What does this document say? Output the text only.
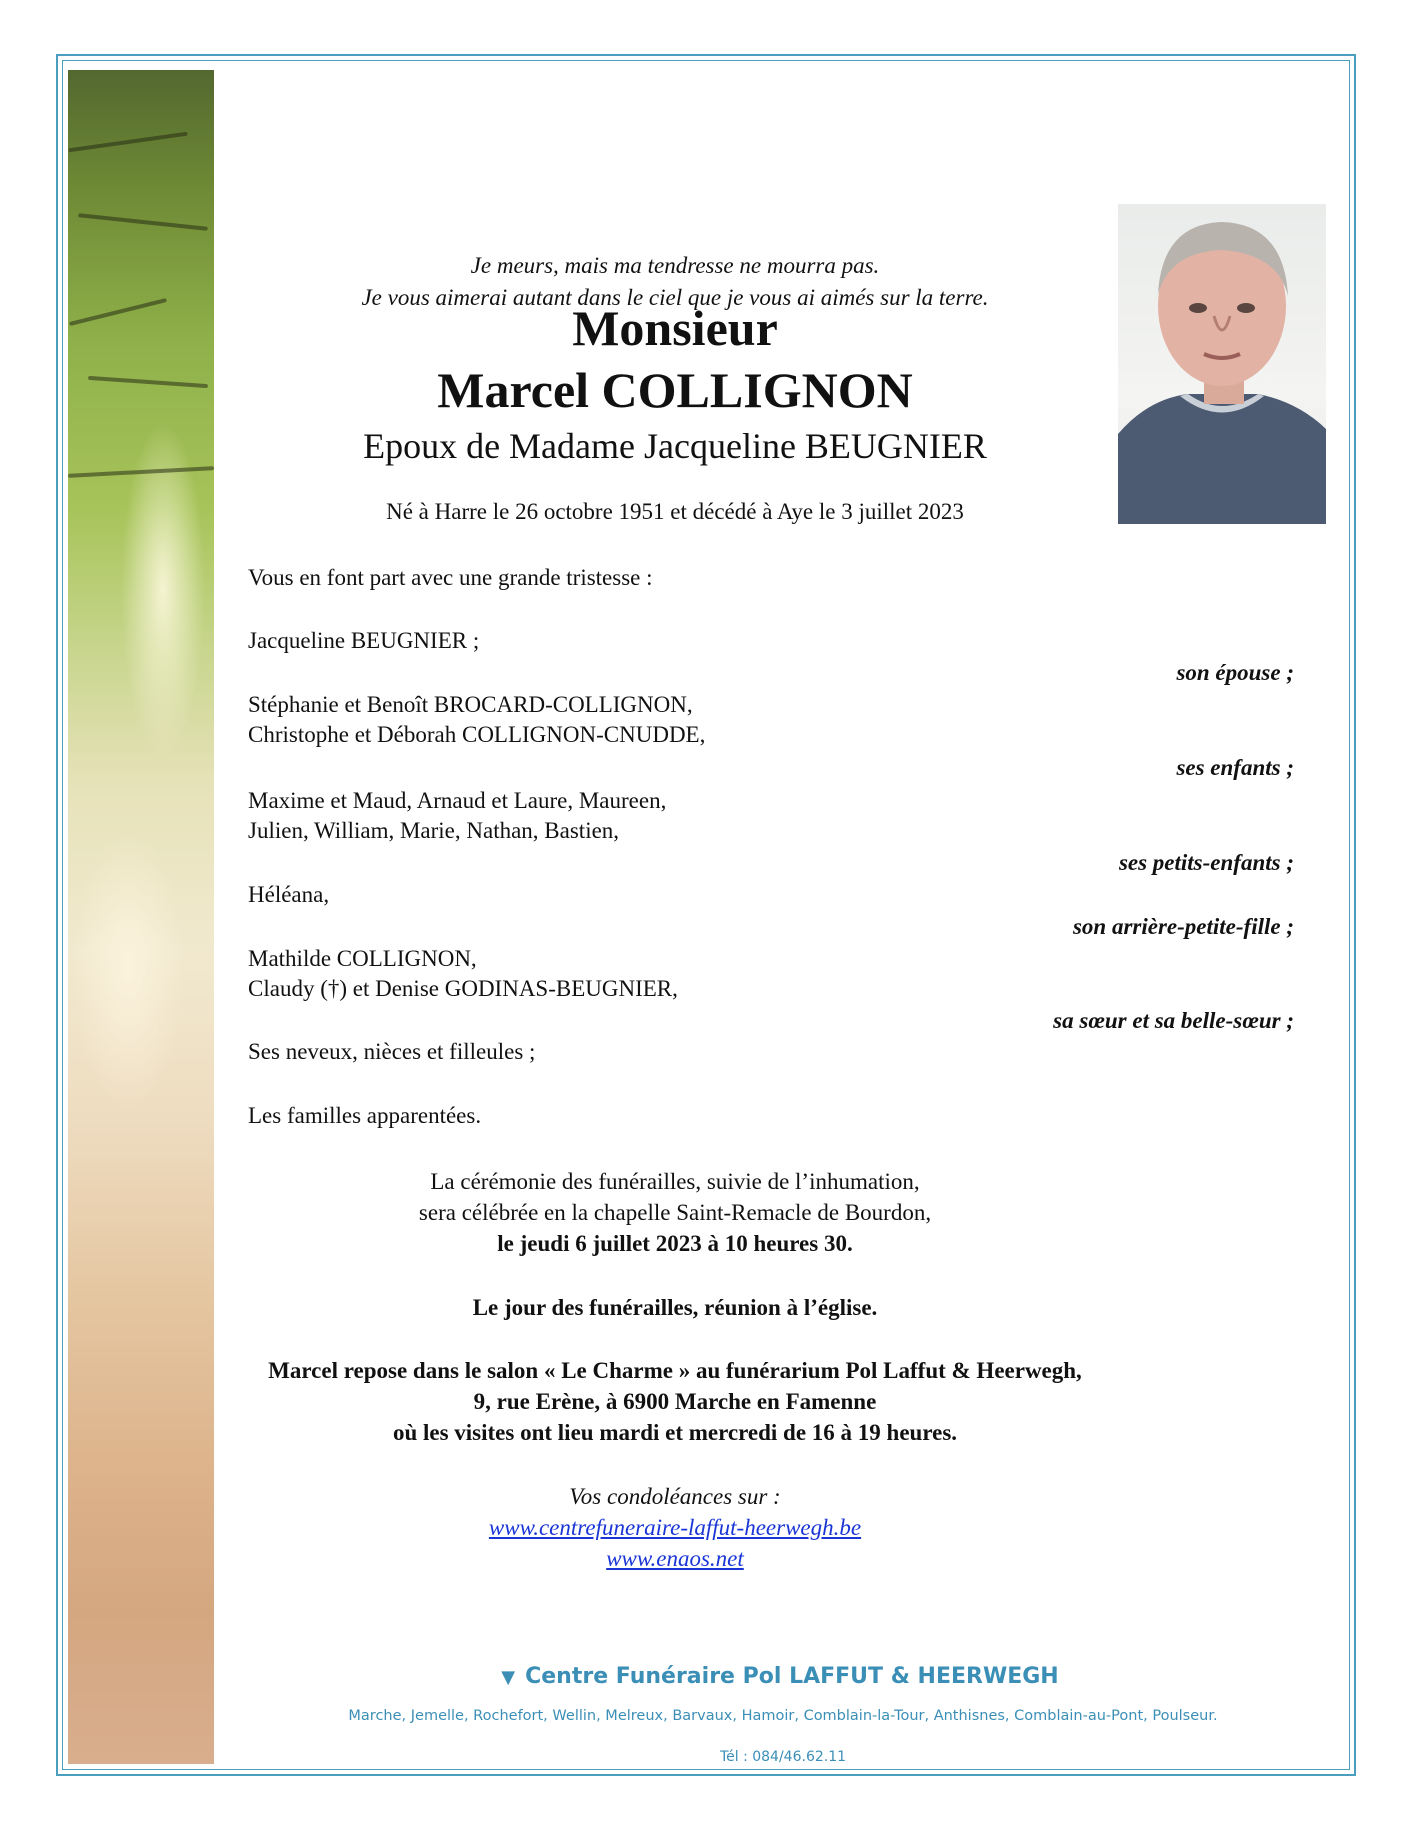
Je meurs, mais ma tendresse ne mourra pas.
Je vous aimerai autant dans le ciel que je vous ai aimés sur la terre.
Monsieur
Marcel COLLIGNON
Epoux de Madame Jacqueline BEUGNIER
Né à Harre le 26 octobre 1951 et décédé à Aye le 3 juillet 2023
Vous en font part avec une grande tristesse :
Jacqueline BEUGNIER ;
son épouse ;
Stéphanie et Benoît BROCARD-COLLIGNON,
Christophe et Déborah COLLIGNON-CNUDDE,
ses enfants ;
Maxime et Maud, Arnaud et Laure, Maureen,
Julien, William, Marie, Nathan, Bastien,
ses petits-enfants ;
Héléana,
son arrière-petite-fille ;
Mathilde COLLIGNON,
Claudy (†) et Denise GODINAS-BEUGNIER,
sa sœur et sa belle-sœur ;
Ses neveux, nièces et filleules ;
Les familles apparentées.
La cérémonie des funérailles, suivie de l’inhumation,
sera célébrée en la chapelle Saint-Remacle de Bourdon,
le jeudi 6 juillet 2023 à 10 heures 30.
Le jour des funérailles, réunion à l’église.
Marcel repose dans le salon « Le Charme » au funérarium Pol Laffut & Heerwegh,
9, rue Erène, à 6900 Marche en Famenne
où les visites ont lieu mardi et mercredi de 16 à 19 heures.
Vos condoléances sur :
www.centrefuneraire-laffut-heerwegh.be
www.enaos.net
▼ Centre Funéraire Pol LAFFUT & HEERWEGH
Marche, Jemelle, Rochefort, Wellin, Melreux, Barvaux, Hamoir, Comblain-la-Tour, Anthisnes, Comblain-au-Pont, Poulseur.
Tél : 084/46.62.11
